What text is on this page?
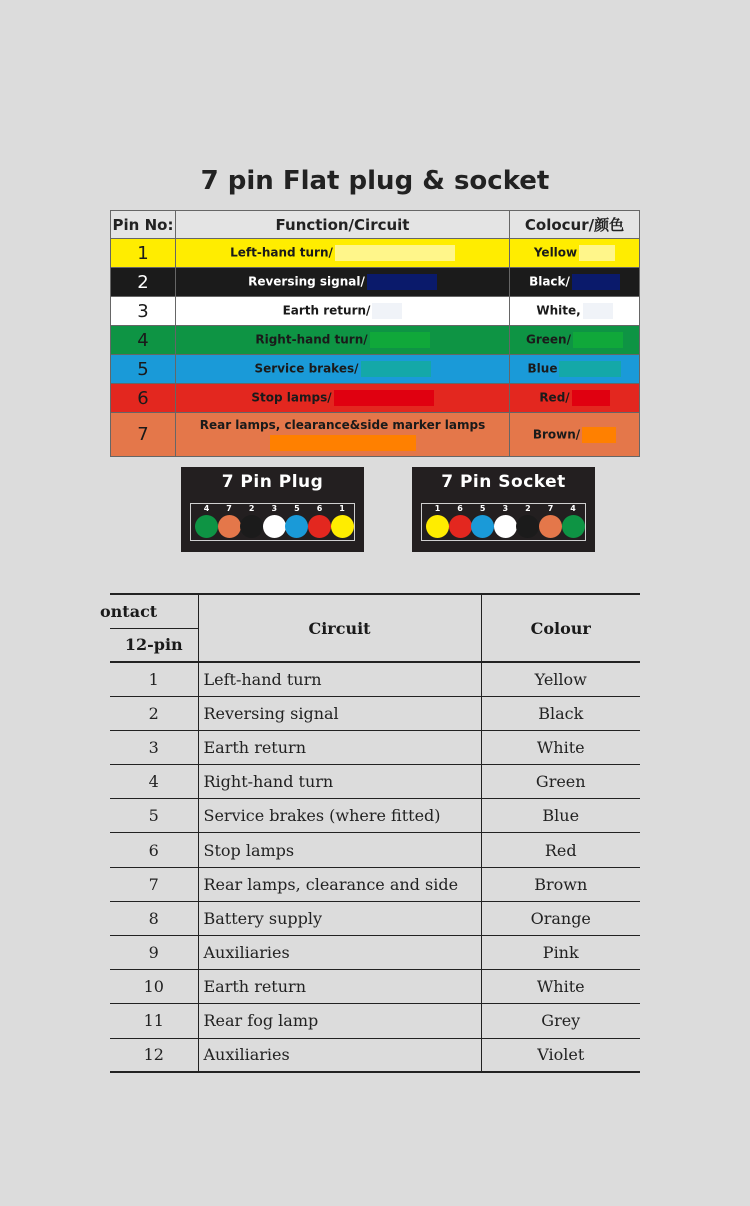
7 pin Flat plug & socket
Pin No:	Function/Circuit	Colocur/颜色
1	Left-hand turn/	Yellow
2	Reversing signal/	Black/
3	Earth return/	White,
4	Right-hand turn/	Green/
5	Service brakes/	Blue
6	Stop lamps/	Red/
7	Rear lamps, clearance&side marker lamps	Brown/
7 Pin Plug
4	7	2	3	5	6	1
7 Pin Socket
1	6	5	3	2	7	4
ontact	Circuit	Colour
12-pin		
1	Left-hand turn	Yellow
2	Reversing signal	Black
3	Earth return	White
4	Right-hand turn	Green
5	Service brakes (where fitted)	Blue
6	Stop lamps	Red
7	Rear lamps, clearance and side	Brown
8	Battery supply	Orange
9	Auxiliaries	Pink
10	Earth return	White
11	Rear fog lamp	Grey
12	Auxiliaries	Violet
